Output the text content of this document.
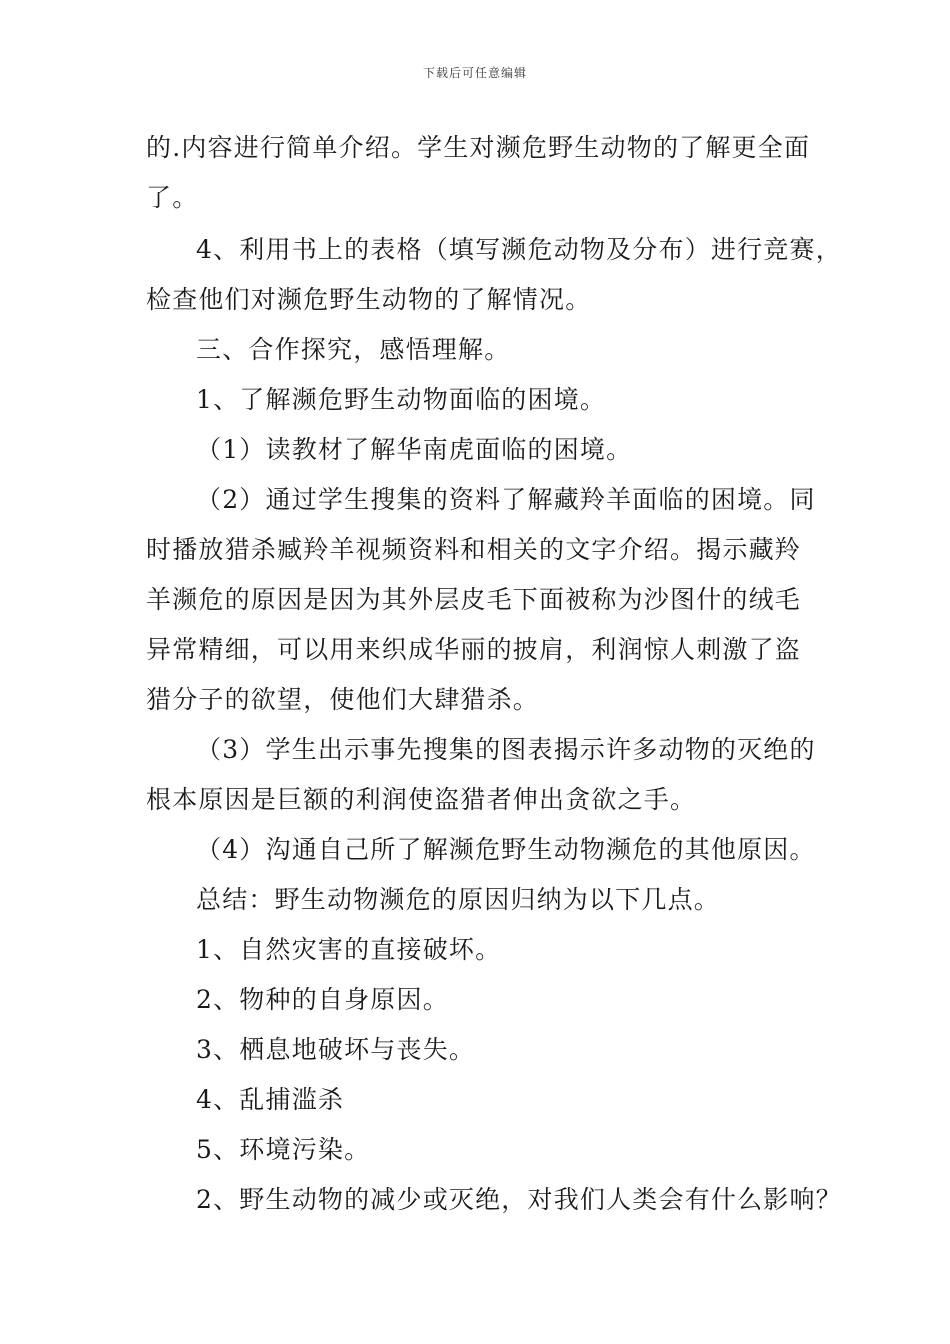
下载后可任意编辑
的.内容进行简单介绍。学生对濒危野生动物的了解更全面
了。
4、利用书上的表格（填写濒危动物及分布）进行竞赛，
检查他们对濒危野生动物的了解情况。
三、合作探究，感悟理解。
1、了解濒危野生动物面临的困境。
（1）读教材了解华南虎面临的困境。
（2）通过学生搜集的资料了解藏羚羊面临的困境。同
时播放猎杀臧羚羊视频资料和相关的文字介绍。揭示藏羚
羊濒危的原因是因为其外层皮毛下面被称为沙图什的绒毛
异常精细，可以用来织成华丽的披肩，利润惊人刺激了盗
猎分子的欲望，使他们大肆猎杀。
（3）学生出示事先搜集的图表揭示许多动物的灭绝的
根本原因是巨额的利润使盗猎者伸出贪欲之手。
（4）沟通自己所了解濒危野生动物濒危的其他原因。
总结：野生动物濒危的原因归纳为以下几点。
1、自然灾害的直接破坏。
2、物种的自身原因。
3、栖息地破坏与丧失。
4、乱捕滥杀
5、环境污染。
2、野生动物的减少或灭绝，对我们人类会有什么影响？
